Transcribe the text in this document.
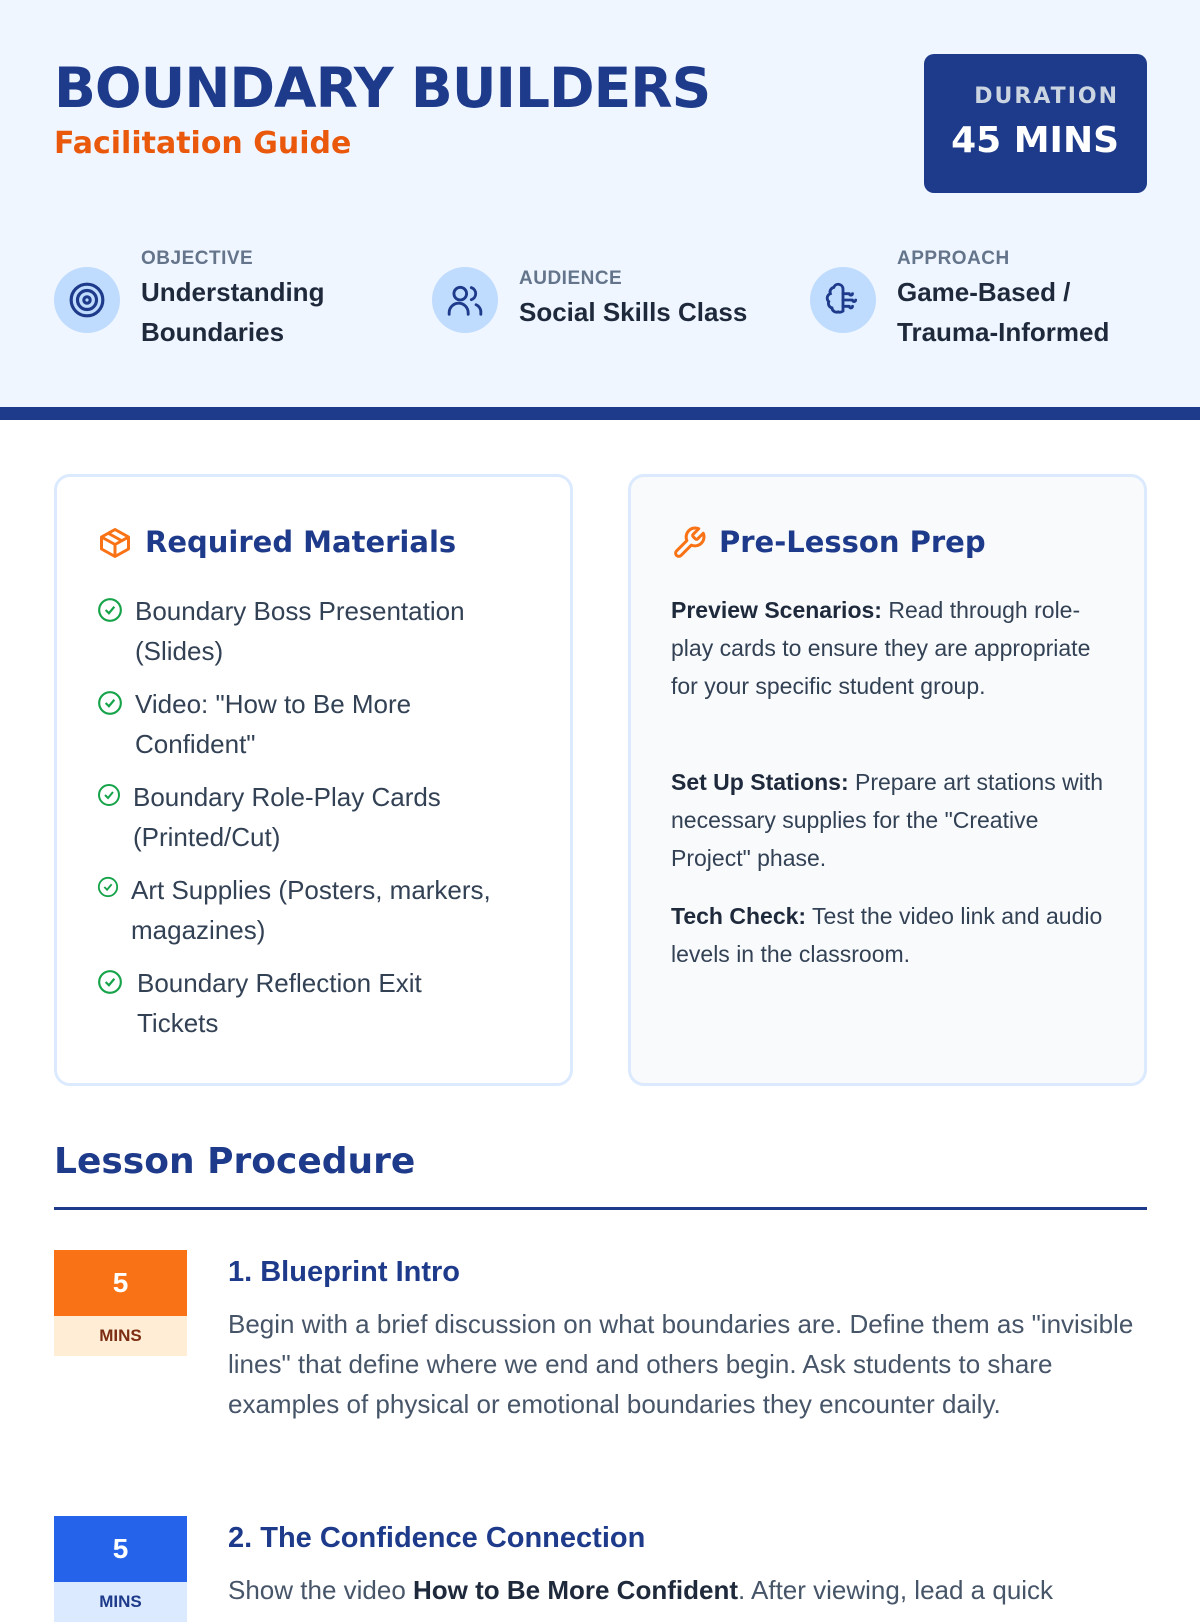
BOUNDARY BUILDERS
Facilitation Guide
DURATION
45 MINS
OBJECTIVE
Understanding
Boundaries
AUDIENCE
Social Skills Class
APPROACH
Game-Based /
Trauma-Informed
Required Materials
Boundary Boss Presentation
(Slides)
Video: "How to Be More
Confident"
Boundary Role-Play Cards
(Printed/Cut)
Art Supplies (Posters, markers,
magazines)
Boundary Reflection Exit
Tickets
Pre-Lesson Prep

Preview Scenarios: Read through role-play cards to ensure they are appropriate for your specific student group.

Set Up Stations: Prepare art stations with necessary supplies for the "Creative Project" phase.

Tech Check: Test the video link and audio levels in the classroom.

Lesson Procedure
5
MINS
1. Blueprint Intro
Begin with a brief discussion on what boundaries are. Define them as "invisible lines" that define where we end and others begin. Ask students to share examples of physical or emotional boundaries they encounter daily.
5
MINS
2. The Confidence Connection
Show the video How to Be More Confident. After viewing, lead a quick
